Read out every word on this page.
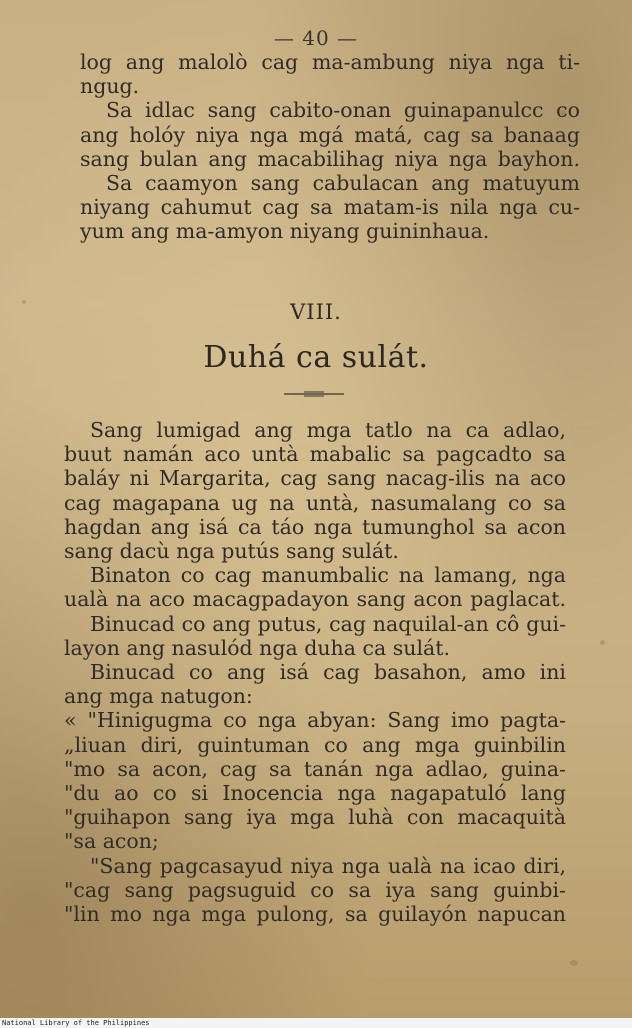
— 40 —
log ang malolò cag ma-ambung niya nga ti-
ngug.
Sa idlac sang cabito-onan guinapanulcc co
ang holóy niya nga mgá matá, cag sa banaag
sang bulan ang macabilihag niya nga bayhon.
Sa caamyon sang cabulacan ang matuyum
niyang cahumut cag sa matam-is nila nga cu-
yum ang ma-amyon niyang guininhaua.
VIII.
Duhá ca sulát.
Sang lumigad ang mga tatlo na ca adlao,
buut namán aco untà mabalic sa pagcadto sa
baláy ni Margarita, cag sang nacag-ilis na aco
cag magapana ug na untà, nasumalang co sa
hagdan ang isá ca táo nga tumunghol sa acon
sang dacù nga putús sang sulát.
Binaton co cag manumbalic na lamang, nga
ualà na aco macagpadayon sang acon paglacat.
Binucad co ang putus, cag naquilal-an cô gui-
layon ang nasulód nga duha ca sulát.
Binucad co ang isá cag basahon, amo ini
ang mga natugon:
« "Hinigugma co nga abyan: Sang imo pagta-
„liuan diri, guintuman co ang mga guinbilin
"mo sa acon, cag sa tanán nga adlao, guina-
"du ao co si Inocencia nga nagapatuló lang
"guihapon sang iya mga luhà con macaquità
"sa acon;
"Sang pagcasayud niya nga ualà na icao diri,
"cag sang pagsuguid co sa iya sang guinbi-
"lin mo nga mga pulong, sa guilayón napucan
National Library of the Philippines
